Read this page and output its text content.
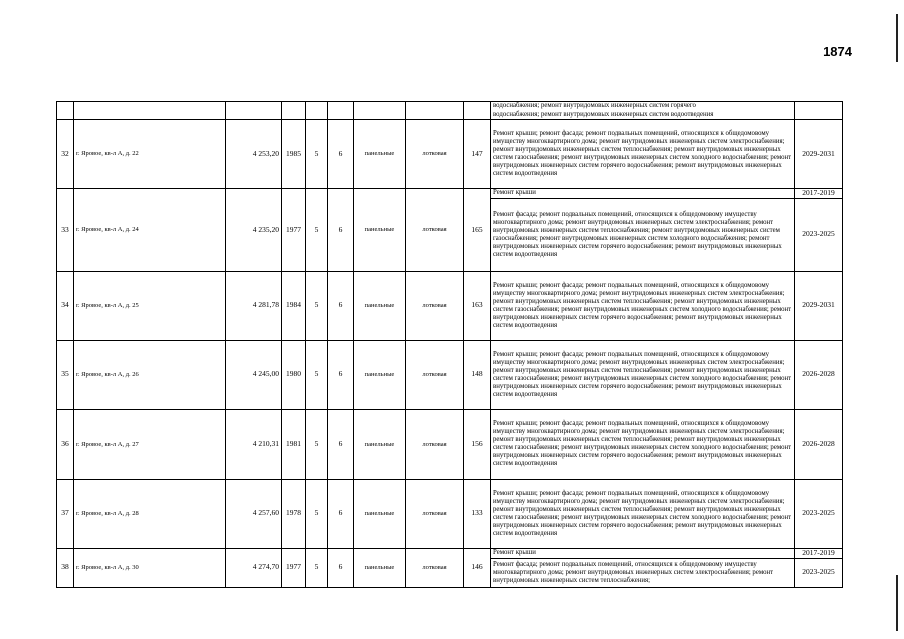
1874

									водоснабжения; ремонт внутридомовых инженерных систем горячего
водоснабжения; ремонт внутридомовых инженерных систем водоотведения	

32	г. Яровое, кв-л А, д. 22	4 253,20	1985	5	6	панельные	лотковая	147	Ремонт крыши; ремонт фасада; ремонт подвальных помещений, относящихся к общедомовому имуществу многоквартирного дома; ремонт внутридомовых инженерных систем электроснабжения; ремонт внутридомовых инженерных систем теплоснабжения; ремонт внутридомовых инженерных систем газоснабжения; ремонт внутридомовых инженерных систем холодного водоснабжения; ремонт внутридомовых инженерных систем горячего водоснабжения; ремонт внутридомовых инженерных систем водоотведения	2029-2031
33	г. Яровое, кв-л А, д. 24	4 235,20	1977	5	6	панельные	лотковая	165	Ремонт крыши	2017-2019
									Ремонт фасада; ремонт подвальных помещений, относящихся к общедомовому имуществу многоквартирного дома; ремонт внутридомовых инженерных систем электроснабжения; ремонт внутридомовых инженерных систем теплоснабжения; ремонт внутридомовых инженерных систем газоснабжения; ремонт внутридомовых инженерных систем холодного водоснабжения; ремонт внутридомовых инженерных систем горячего водоснабжения; ремонт внутридомовых инженерных систем водоотведения	2023-2025
34	г. Яровое, кв-л А, д. 25	4 281,78	1984	5	6	панельные	лотковая	163	Ремонт крыши; ремонт фасада; ремонт подвальных помещений, относящихся к общедомовому имуществу многоквартирного дома; ремонт внутридомовых инженерных систем электроснабжения; ремонт внутридомовых инженерных систем теплоснабжения; ремонт внутридомовых инженерных систем газоснабжения; ремонт внутридомовых инженерных систем холодного водоснабжения; ремонт внутридомовых инженерных систем горячего водоснабжения; ремонт внутридомовых инженерных систем водоотведения	2029-2031
35	г. Яровое, кв-л А, д. 26	4 245,00	1980	5	6	панельные	лотковая	148	Ремонт крыши; ремонт фасада; ремонт подвальных помещений, относящихся к общедомовому имуществу многоквартирного дома; ремонт внутридомовых инженерных систем электроснабжения; ремонт внутридомовых инженерных систем теплоснабжения; ремонт внутридомовых инженерных систем газоснабжения; ремонт внутридомовых инженерных систем холодного водоснабжения; ремонт внутридомовых инженерных систем горячего водоснабжения; ремонт внутридомовых инженерных систем водоотведения	2026-2028
36	г. Яровое, кв-л А, д. 27	4 210,31	1981	5	6	панельные	лотковая	156	Ремонт крыши; ремонт фасада; ремонт подвальных помещений, относящихся к общедомовому имуществу многоквартирного дома; ремонт внутридомовых инженерных систем электроснабжения; ремонт внутридомовых инженерных систем теплоснабжения; ремонт внутридомовых инженерных систем газоснабжения; ремонт внутридомовых инженерных систем холодного водоснабжения; ремонт внутридомовых инженерных систем горячего водоснабжения; ремонт внутридомовых инженерных систем водоотведения	2026-2028
37	г. Яровое, кв-л А, д. 28	4 257,60	1978	5	6	панельные	лотковая	133	Ремонт крыши; ремонт фасада; ремонт подвальных помещений, относящихся к общедомовому имуществу многоквартирного дома; ремонт внутридомовых инженерных систем электроснабжения; ремонт внутридомовых инженерных систем теплоснабжения; ремонт внутридомовых инженерных систем газоснабжения; ремонт внутридомовых инженерных систем холодного водоснабжения; ремонт внутридомовых инженерных систем горячего водоснабжения; ремонт внутридомовых инженерных систем водоотведения	2023-2025
38	г. Яровое, кв-л А, д. 30	4 274,70	1977	5	6	панельные	лотковая	146	Ремонт крыши	2017-2019
									Ремонт фасада; ремонт подвальных помещений, относящихся к общедомовому имуществу многоквартирного дома; ремонт внутридомовых инженерных систем электроснабжения; ремонт внутридомовых инженерных систем теплоснабжения;	2023-2025
